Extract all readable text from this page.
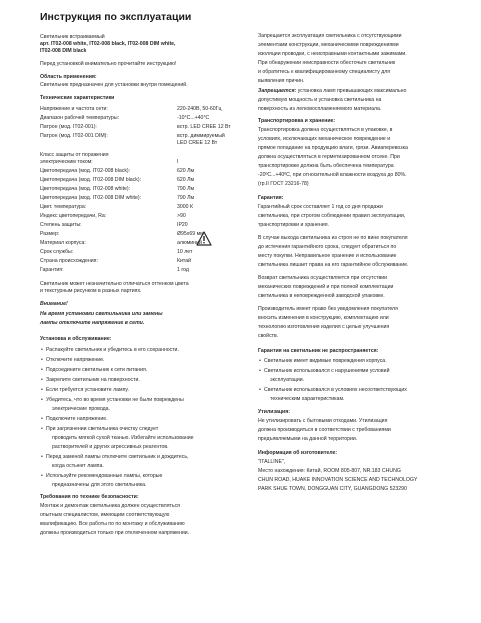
Инструкция по эксплуатации
Светильник встраиваемый
арт. IT02-008 white, IT02-008 black, IT02-008 DIM white,
IT02-008 DIM black
Перед установкой внимательно прочитайте инструкцию!
Область применения:
Светильник предназначен для установки внутри помещений.
Технические характеристики
Напряжение и частота сети:	220-240В, 50-60Гц
Диапазон рабочей температуры:	-10°С...+40°С
Патрон (мод. IT02-001):	встр. LED CREE 12 Вт
Патрон (мод. IT02-001 DIM):	встр. диммируемый
LED CREE 12 Вт
Класс защиты от поражения
электрическим током:	I
Цветопередача (мод. IT02-008 black):	620 Лм
Цветопередача (мод. IT02-008 DIM black):	620 Лм
Цветопередача (мод. IT02-008 white):	790 Лм
Цветопередача (мод. IT02-008 DIM white):	790 Лм
Цвет. температура:	3000 К
Индекс цветопередачи, Ra:	>90
Степень защиты:	IP20
Размер:	Ø95х69 мм
Материал корпуса:	алюминий
Срок службы:	10 лет
Страна происхождения:	Китай
Гарантия:	1 год
Светильник может незначительно отличаться оттенком цвета
и текстурным рисунком в разных партиях.
Внимание!
На время установки светильника или замены
лампы отключите напряжение в сети.
Установка и обслуживание:
• Распакуйте светильник и убедитесь в его сохранности.
• Отключите напряжение.
• Подсоедините светильник к сети питания.
• Закрепите светильник на поверхности.
• Если требуется установите лампу.
• Убедитесь, что во время установки не были повреждены
электрические провода.
• Подключите напряжение.
• При загрязнении светильника очистку следует
проводить мягкой сухой тканью. Избегайте использование
растворителей и других агрессивных реагентов.
• Перед заменой лампы отключите светильник и дождитесь,
когда остынет лампа.
• Используйте рекомендованные лампы, которые
предназначены для этого светильника.
Требования по технике безопасности:
Монтаж и демонтаж светильника должен осуществляться
опытным специалистом, имеющим соответствующую
квалификацию. Все работы по по монтажу и обслуживанию
должны производиться только при отключенном напряжении.
Запрещается эксплуатация светильника с отсутствующими
элементами конструкции, механическими повреждениями
изоляции проводки, с неисправными контактными зажимами.
При обнаружении неисправности обесточьте светильник
и обратитесь к квалифицированному специалисту для
выявления причин.
Запрещается: установка ламп превышающих максимально
допустимую мощность и установка светильника на
поверхность из легковоспламеняемого материала.
Транспортировка и хранение:
Транспортировка должна осуществляться в упаковке, в
условиях, исключающих механическое повреждение и
прямое попадание на продукцию влаги, грязи. Авиаперевозка
должна осуществляться в герметизированном отсеке. При
транспортировке должна быть обеспечена температура
-20ºС...+40ºС, при относительной влажности воздуха до 80%.
(гр.II ГОСТ 23216-78)
Гарантия:
Гарантийный срок составляет 1 год со дня продажи
светильника, при строгом соблюдении правил эксплуатации,
транспортировки и хранения.
В случае выхода светильника из строя не по вине покупателя
до истечения гарантийного срока, следует обратиться по
месту покупки. Неправильное хранение и использование
светильника лишает права на его гарантийное обслуживание.
Возврат светильника осуществляется при отсутствии
механических повреждений и при полной комплектации
светильника в неповрежденной заводской упаковке.
Производитель имеет право без уведомления покупателя
вносить изменения в конструкцию, комплектацию или
технологию изготовления изделия с целью улучшения
свойств.
Гарантия на светильник не распространяется:
• Светильник имеет видимые повреждения корпуса.
• Светильник использовался с нарушениями условий
эксплуатации.
• Светильник использовался в условиях несоответствующих
техническим характеристикам.
Утилизация:
Не утилизировать с бытовыми отходами. Утилизация
должна производиться в соответствии с требованиями
предъявляемыми на данной территории.
Информация об изготовителе:
"ITALLINE",
Место нахождения: Китай, ROOM 805-807, NR.183 CHUNG
CHUN ROAD, HUAKE INNOVATION SCIENCE AND TECHNOLOGY
PARK SHUE TOWN, DONGGUAN CITY, GUANGDONG 523290
